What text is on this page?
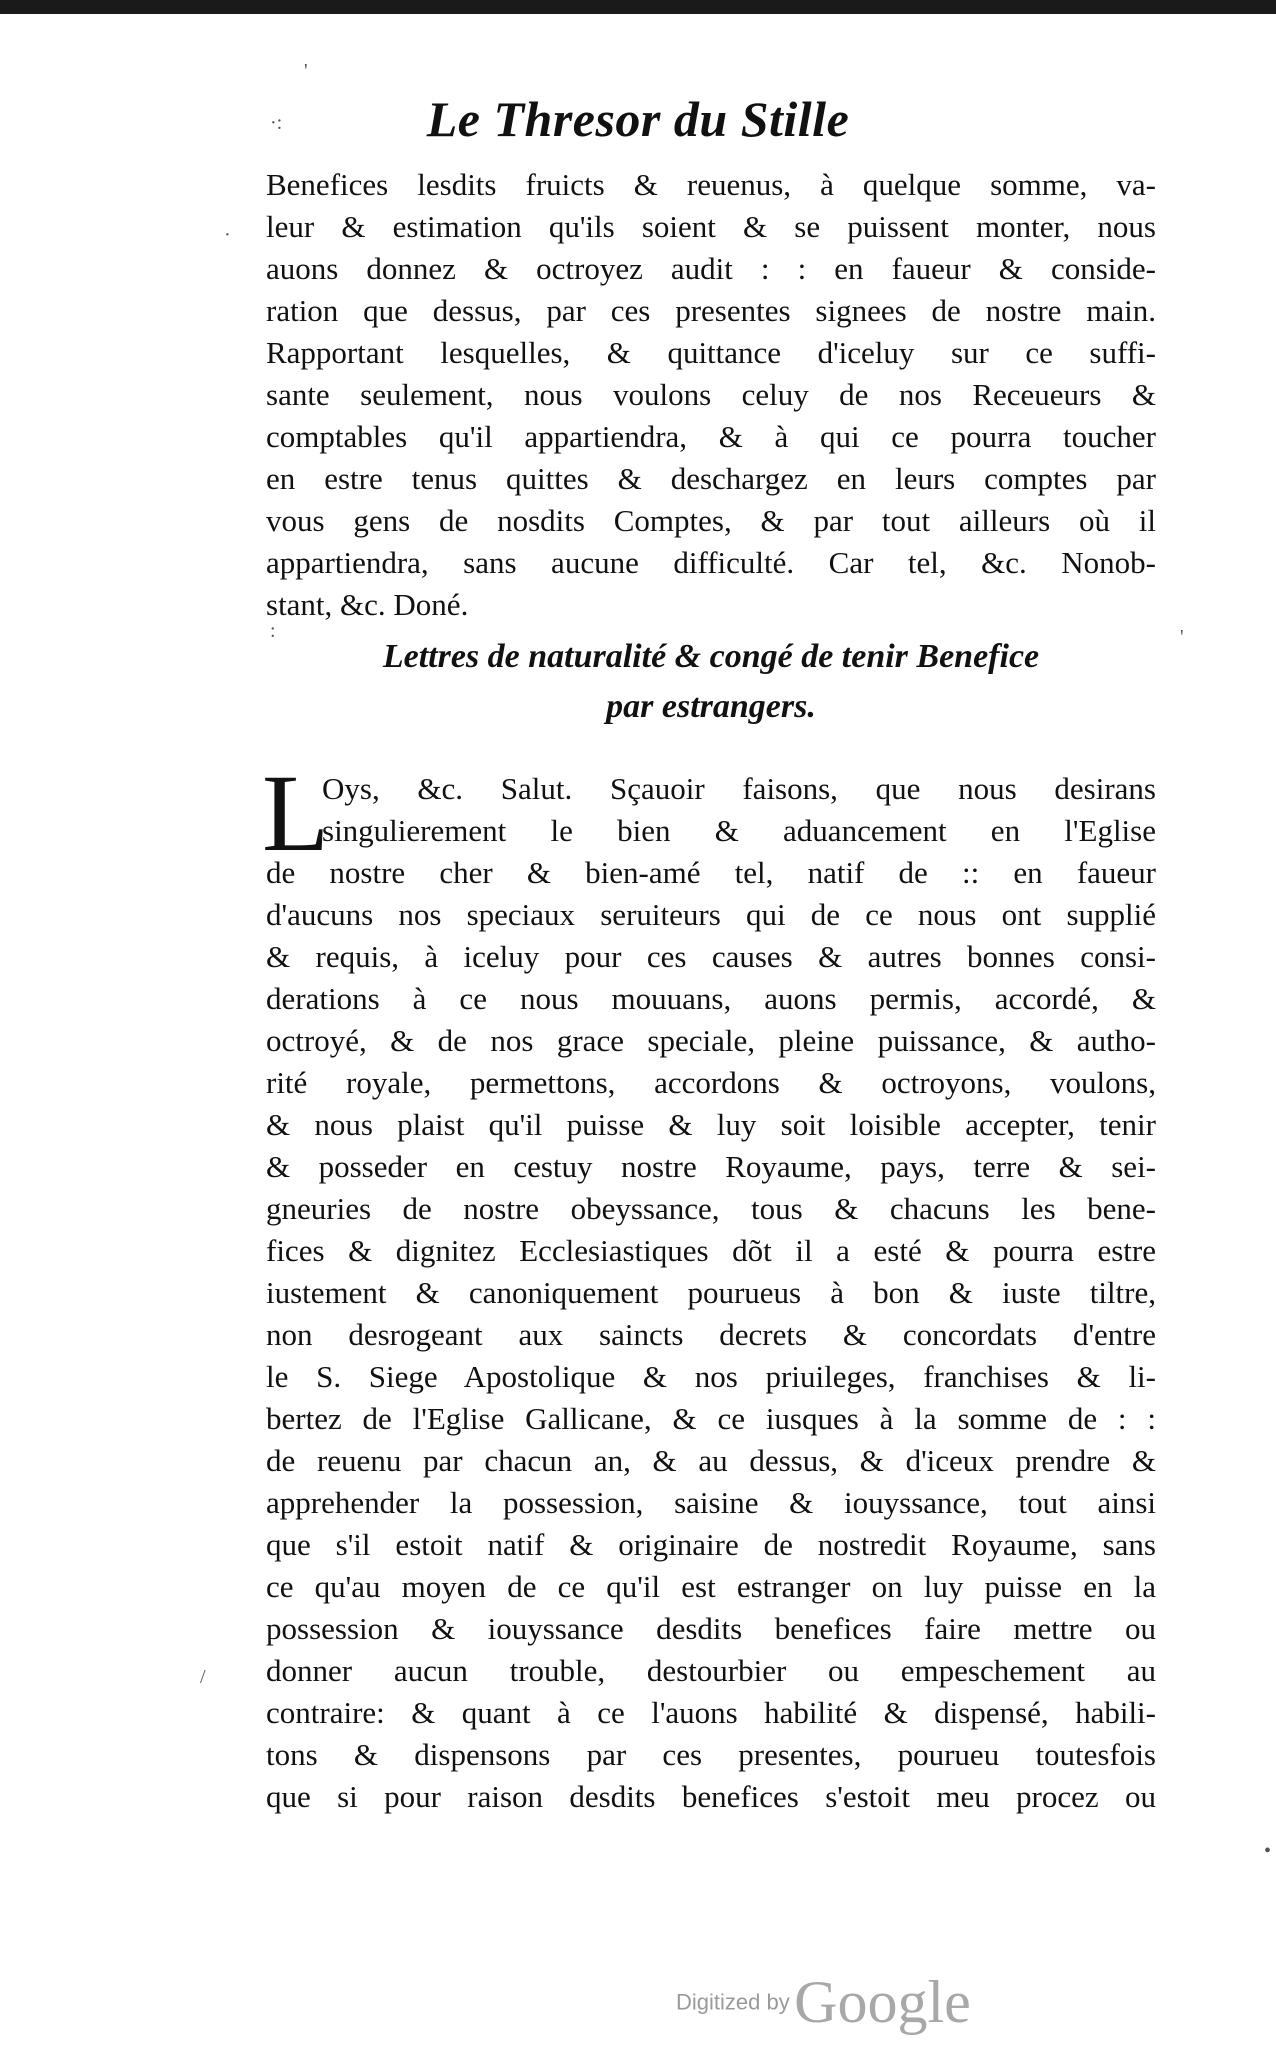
Le Thresor du Stille
Benefices lesdits fruicts & reuenus, à quelque somme, va-
leur & estimation qu'ils soient & se puissent monter, nous
auons donnez & octroyez audit : : en faueur & conside-
ration que dessus, par ces presentes signees de nostre main.
Rapportant lesquelles, & quittance d'iceluy sur ce suffi-
sante seulement, nous voulons celuy de nos Receueurs &
comptables qu'il appartiendra, & à qui ce pourra toucher
en estre tenus quittes & deschargez en leurs comptes par
vous gens de nosdits Comptes, & par tout ailleurs où il
appartiendra, sans aucune difficulté. Car tel, &c. Nonob-
stant, &c. Doné.
Lettres de naturalité & congé de tenir Benefice
par estrangers.
L
Oys, &c. Salut. Sçauoir faisons, que nous desirans
singulierement le bien & aduancement en l'Eglise
de nostre cher & bien-amé tel, natif de :: en faueur
d'aucuns nos speciaux seruiteurs qui de ce nous ont supplié
& requis, à iceluy pour ces causes & autres bonnes consi-
derations à ce nous mouuans, auons permis, accordé, &
octroyé, & de nos grace speciale, pleine puissance, & autho-
rité royale, permettons, accordons & octroyons, voulons,
& nous plaist qu'il puisse & luy soit loisible accepter, tenir
& posseder en cestuy nostre Royaume, pays, terre & sei-
gneuries de nostre obeyssance, tous & chacuns les bene-
fices & dignitez Ecclesiastiques dõt il a esté & pourra estre
iustement & canoniquement pourueus à bon & iuste tiltre,
non desrogeant aux saincts decrets & concordats d'entre
le S. Siege Apostolique & nos priuileges, franchises & li-
bertez de l'Eglise Gallicane, & ce iusques à la somme de : :
de reuenu par chacun an, & au dessus, & d'iceux prendre &
apprehender la possession, saisine & iouyssance, tout ainsi
que s'il estoit natif & originaire de nostredit Royaume, sans
ce qu'au moyen de ce qu'il est estranger on luy puisse en la
possession & iouyssance desdits benefices faire mettre ou
donner aucun trouble, destourbier ou empeschement au
contraire: & quant à ce l'auons habilité & dispensé, habili-
tons & dispensons par ces presentes, pourueu toutesfois
que si pour raison desdits benefices s'estoit meu procez ou
'
·:
·
:	'
/
•
Digitized by Google
